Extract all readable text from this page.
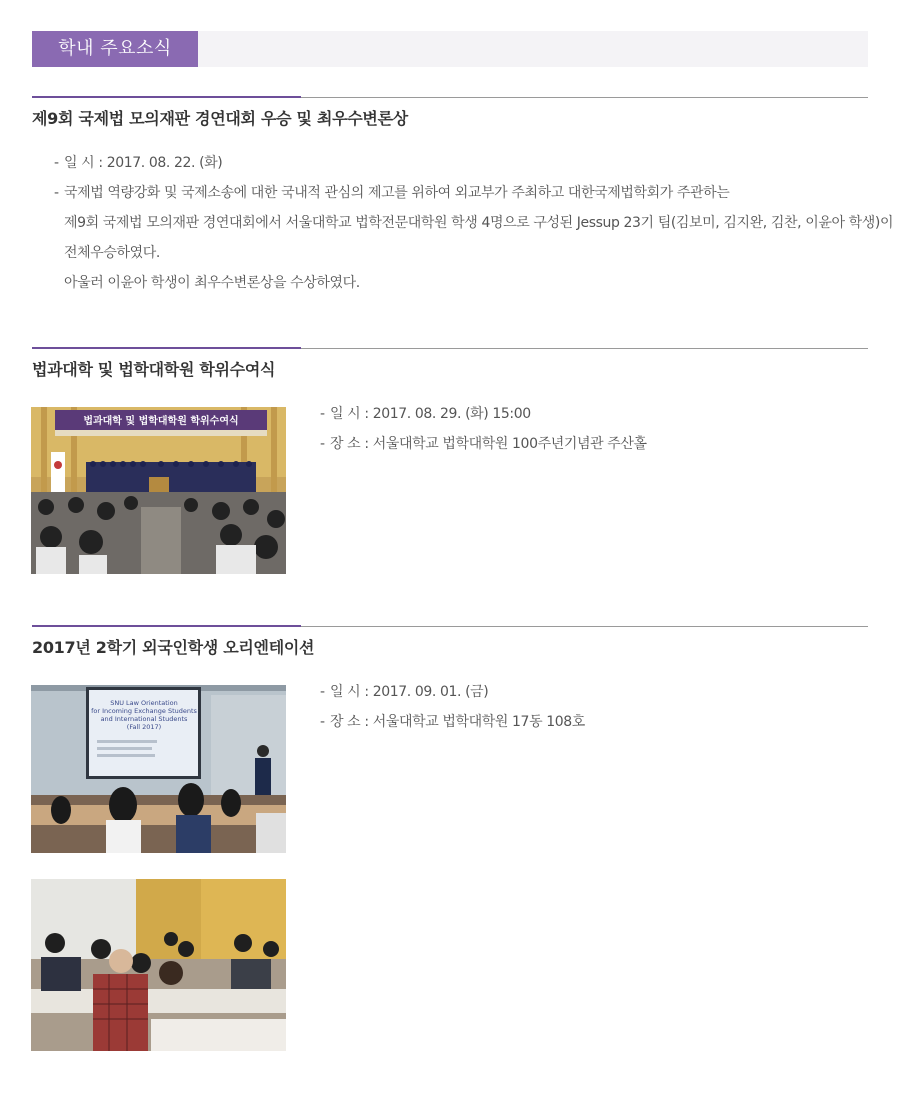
학내 주요소식
제9회 국제법 모의재판 경연대회 우승 및 최우수변론상
- 일 시 : 2017. 08. 22. (화)
- 국제법 역량강화 및 국제소송에 대한 국내적 관심의 제고를 위하여 외교부가 주최하고 대한국제법학회가 주관하는
제9회 국제법 모의재판 경연대회에서 서울대학교 법학전문대학원 학생 4명으로 구성된 Jessup 23기 팀(김보미, 김지완, 김찬, 이윤아 학생)이
전체우승하였다.
아울러 이윤아 학생이 최우수변론상을 수상하였다.
법과대학 및 법학대학원 학위수여식
법과대학 및 법학대학원 학위수여식	- 일 시 : 2017. 08. 29. (화) 15:00
- 장 소 : 서울대학교 법학대학원 100주년기념관 주산홀
2017년 2학기 외국인학생 오리엔테이션
SNU Law Orientation
for Incoming Exchange Students
and International Students
(Fall 2017)
- 일 시 : 2017. 09. 01. (금)
- 장 소 : 서울대학교 법학대학원 17동 108호
